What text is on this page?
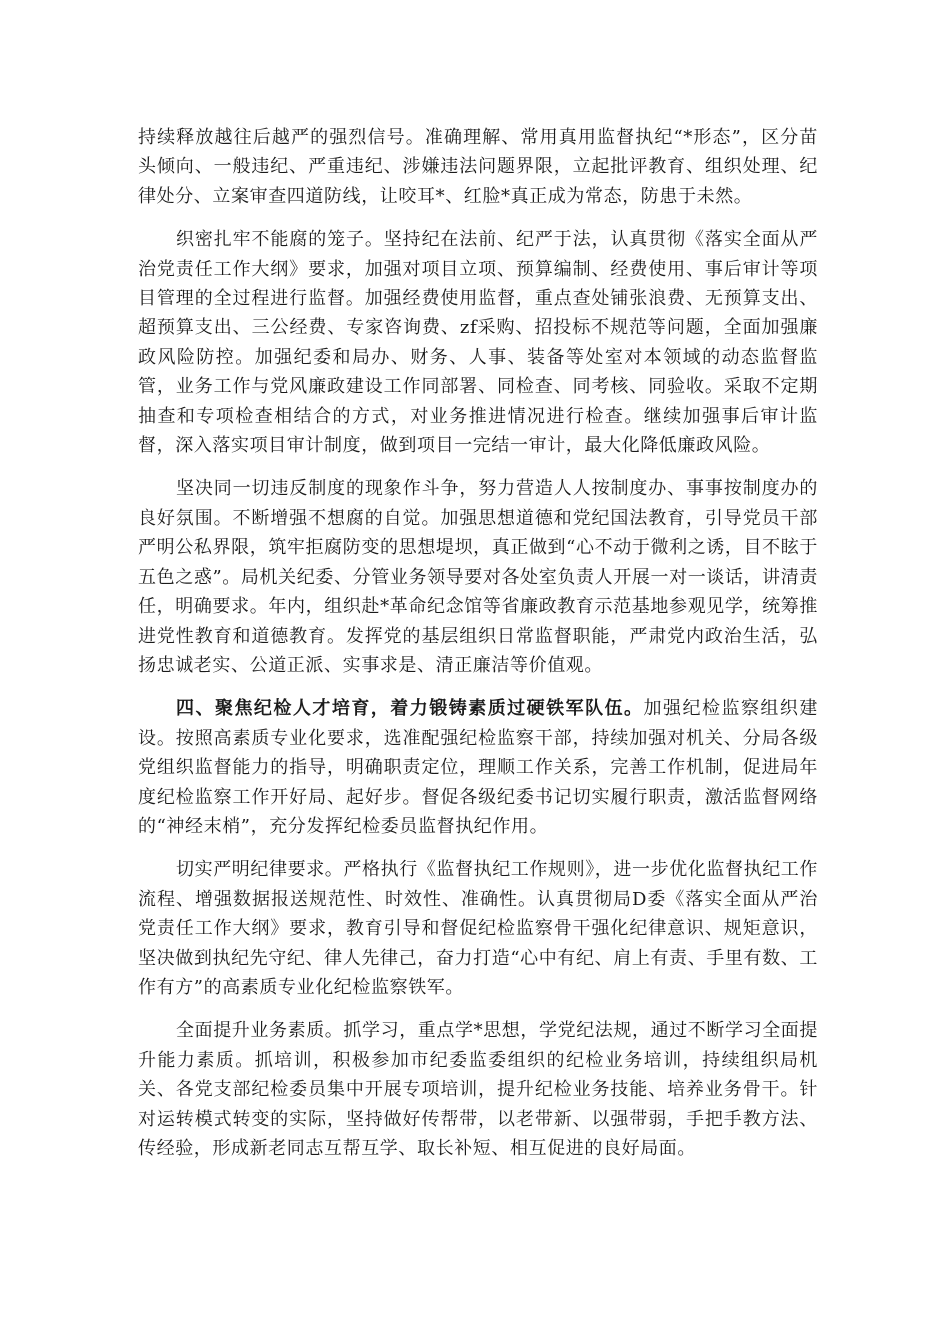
持续释放越往后越严的强烈信号。准确理解、常用真用监督执纪“*形态”，区分苗头倾向、一般违纪、严重违纪、涉嫌违法问题界限，立起批评教育、组织处理、纪律处分、立案审查四道防线，让咬耳*、红脸*真正成为常态，防患于未然。

织密扎牢不能腐的笼子。坚持纪在法前、纪严于法，认真贯彻《落实全面从严治党责任工作大纲》要求，加强对项目立项、预算编制、经费使用、事后审计等项目管理的全过程进行监督。加强经费使用监督，重点查处铺张浪费、无预算支出、超预算支出、三公经费、专家咨询费、zf采购、招投标不规范等问题，全面加强廉政风险防控。加强纪委和局办、财务、人事、装备等处室对本领域的动态监督监管，业务工作与党风廉政建设工作同部署、同检查、同考核、同验收。采取不定期抽查和专项检查相结合的方式，对业务推进情况进行检查。继续加强事后审计监督，深入落实项目审计制度，做到项目一完结一审计，最大化降低廉政风险。

坚决同一切违反制度的现象作斗争，努力营造人人按制度办、事事按制度办的良好氛围。不断增强不想腐的自觉。加强思想道德和党纪国法教育，引导党员干部严明公私界限，筑牢拒腐防变的思想堤坝，真正做到“心不动于微利之诱，目不眩于五色之惑”。局机关纪委、分管业务领导要对各处室负责人开展一对一谈话，讲清责任，明确要求。年内，组织赴*革命纪念馆等省廉政教育示范基地参观见学，统筹推进党性教育和道德教育。发挥党的基层组织日常监督职能，严肃党内政治生活，弘扬忠诚老实、公道正派、实事求是、清正廉洁等价值观。

四、聚焦纪检人才培育，着力锻铸素质过硬铁军队伍。加强纪检监察组织建设。按照高素质专业化要求，选准配强纪检监察干部，持续加强对机关、分局各级党组织监督能力的指导，明确职责定位，理顺工作关系，完善工作机制，促进局年度纪检监察工作开好局、起好步。督促各级纪委书记切实履行职责，激活监督网络的“神经末梢”，充分发挥纪检委员监督执纪作用。

切实严明纪律要求。严格执行《监督执纪工作规则》，进一步优化监督执纪工作流程、增强数据报送规范性、时效性、准确性。认真贯彻局D委《落实全面从严治党责任工作大纲》要求，教育引导和督促纪检监察骨干强化纪律意识、规矩意识，坚决做到执纪先守纪、律人先律己，奋力打造“心中有纪、肩上有责、手里有数、工作有方”的高素质专业化纪检监察铁军。

全面提升业务素质。抓学习，重点学*思想，学党纪法规，通过不断学习全面提升能力素质。抓培训，积极参加市纪委监委组织的纪检业务培训，持续组织局机关、各党支部纪检委员集中开展专项培训，提升纪检业务技能、培养业务骨干。针对运转模式转变的实际，坚持做好传帮带，以老带新、以强带弱，手把手教方法、传经验，形成新老同志互帮互学、取长补短、相互促进的良好局面。
